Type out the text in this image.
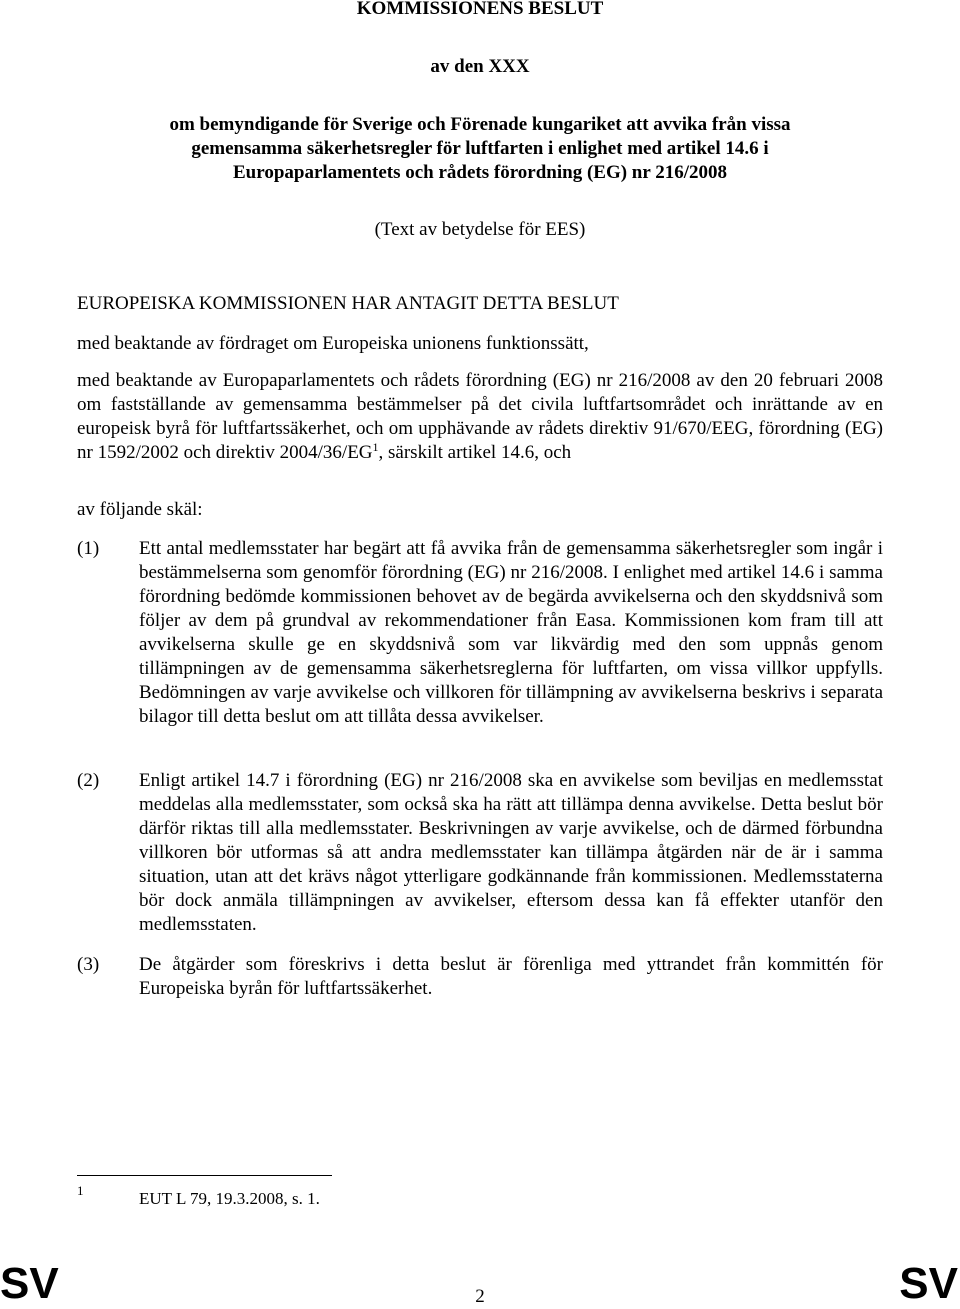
KOMMISSIONENS BESLUT
av den XXX
om bemyndigande för Sverige och Förenade kungariket att avvika från vissa gemensamma säkerhetsregler för luftfarten i enlighet med artikel 14.6 i Europaparlamentets och rådets förordning (EG) nr 216/2008
(Text av betydelse för EES)
EUROPEISKA KOMMISSIONEN HAR ANTAGIT DETTA BESLUT
med beaktande av fördraget om Europeiska unionens funktionssätt,
med beaktande av Europaparlamentets och rådets förordning (EG) nr 216/2008 av den 20 februari 2008 om fastställande av gemensamma bestämmelser på det civila luftfartsområdet och inrättande av en europeisk byrå för luftfartssäkerhet, och om upphävande av rådets direktiv 91/670/EEG, förordning (EG) nr 1592/2002 och direktiv $2004/36/EG^1$, särskilt artikel 14.6, och
av följande skäl:
(1) Ett antal medlemsstater har begärt att få avvika från de gemensamma säkerhetsregler som ingår i bestämmelserna som genomför förordning (EG) nr 216/2008. I enlighet med artikel 14.6 i samma förordning bedömde kommissionen behovet av de begärda avvikelserna och den skyddsnivå som följer av dem på grundval av rekommendationer från Easa. Kommissionen kom fram till att avvikelserna skulle ge en skyddsnivå som var likvärdig med den som uppnås genom tillämpningen av de gemensamma säkerhetsreglerna för luftfarten, om vissa villkor uppfylls. Bedömningen av varje avvikelse och villkoren för tillämpning av avvikelserna beskrivs i separata bilagor till detta beslut om att tillåta dessa avvikelser.
(2) Enligt artikel 14.7 i förordning (EG) nr 216/2008 ska en avvikelse som beviljas en medlemsstat meddelas alla medlemsstater, som också ska ha rätt att tillämpa denna avvikelse. Detta beslut bör därför riktas till alla medlemsstater. Beskrivningen av varje avvikelse, och de därmed förbundna villkoren bör utformas så att andra medlemsstater kan tillämpa åtgärden när de är i samma situation, utan att det krävs något ytterligare godkännande från kommissionen. Medlemsstaterna bör dock anmäla tillämpningen av avvikelser, eftersom dessa kan få effekter utanför den medlemsstaten.
(3) De åtgärder som föreskrivs i detta beslut är förenliga med yttrandet från kommittén för Europeiska byrån för luftfartssäkerhet.
1	EUT L 79, 19.3.2008, s. 1.
SV	2	SV
